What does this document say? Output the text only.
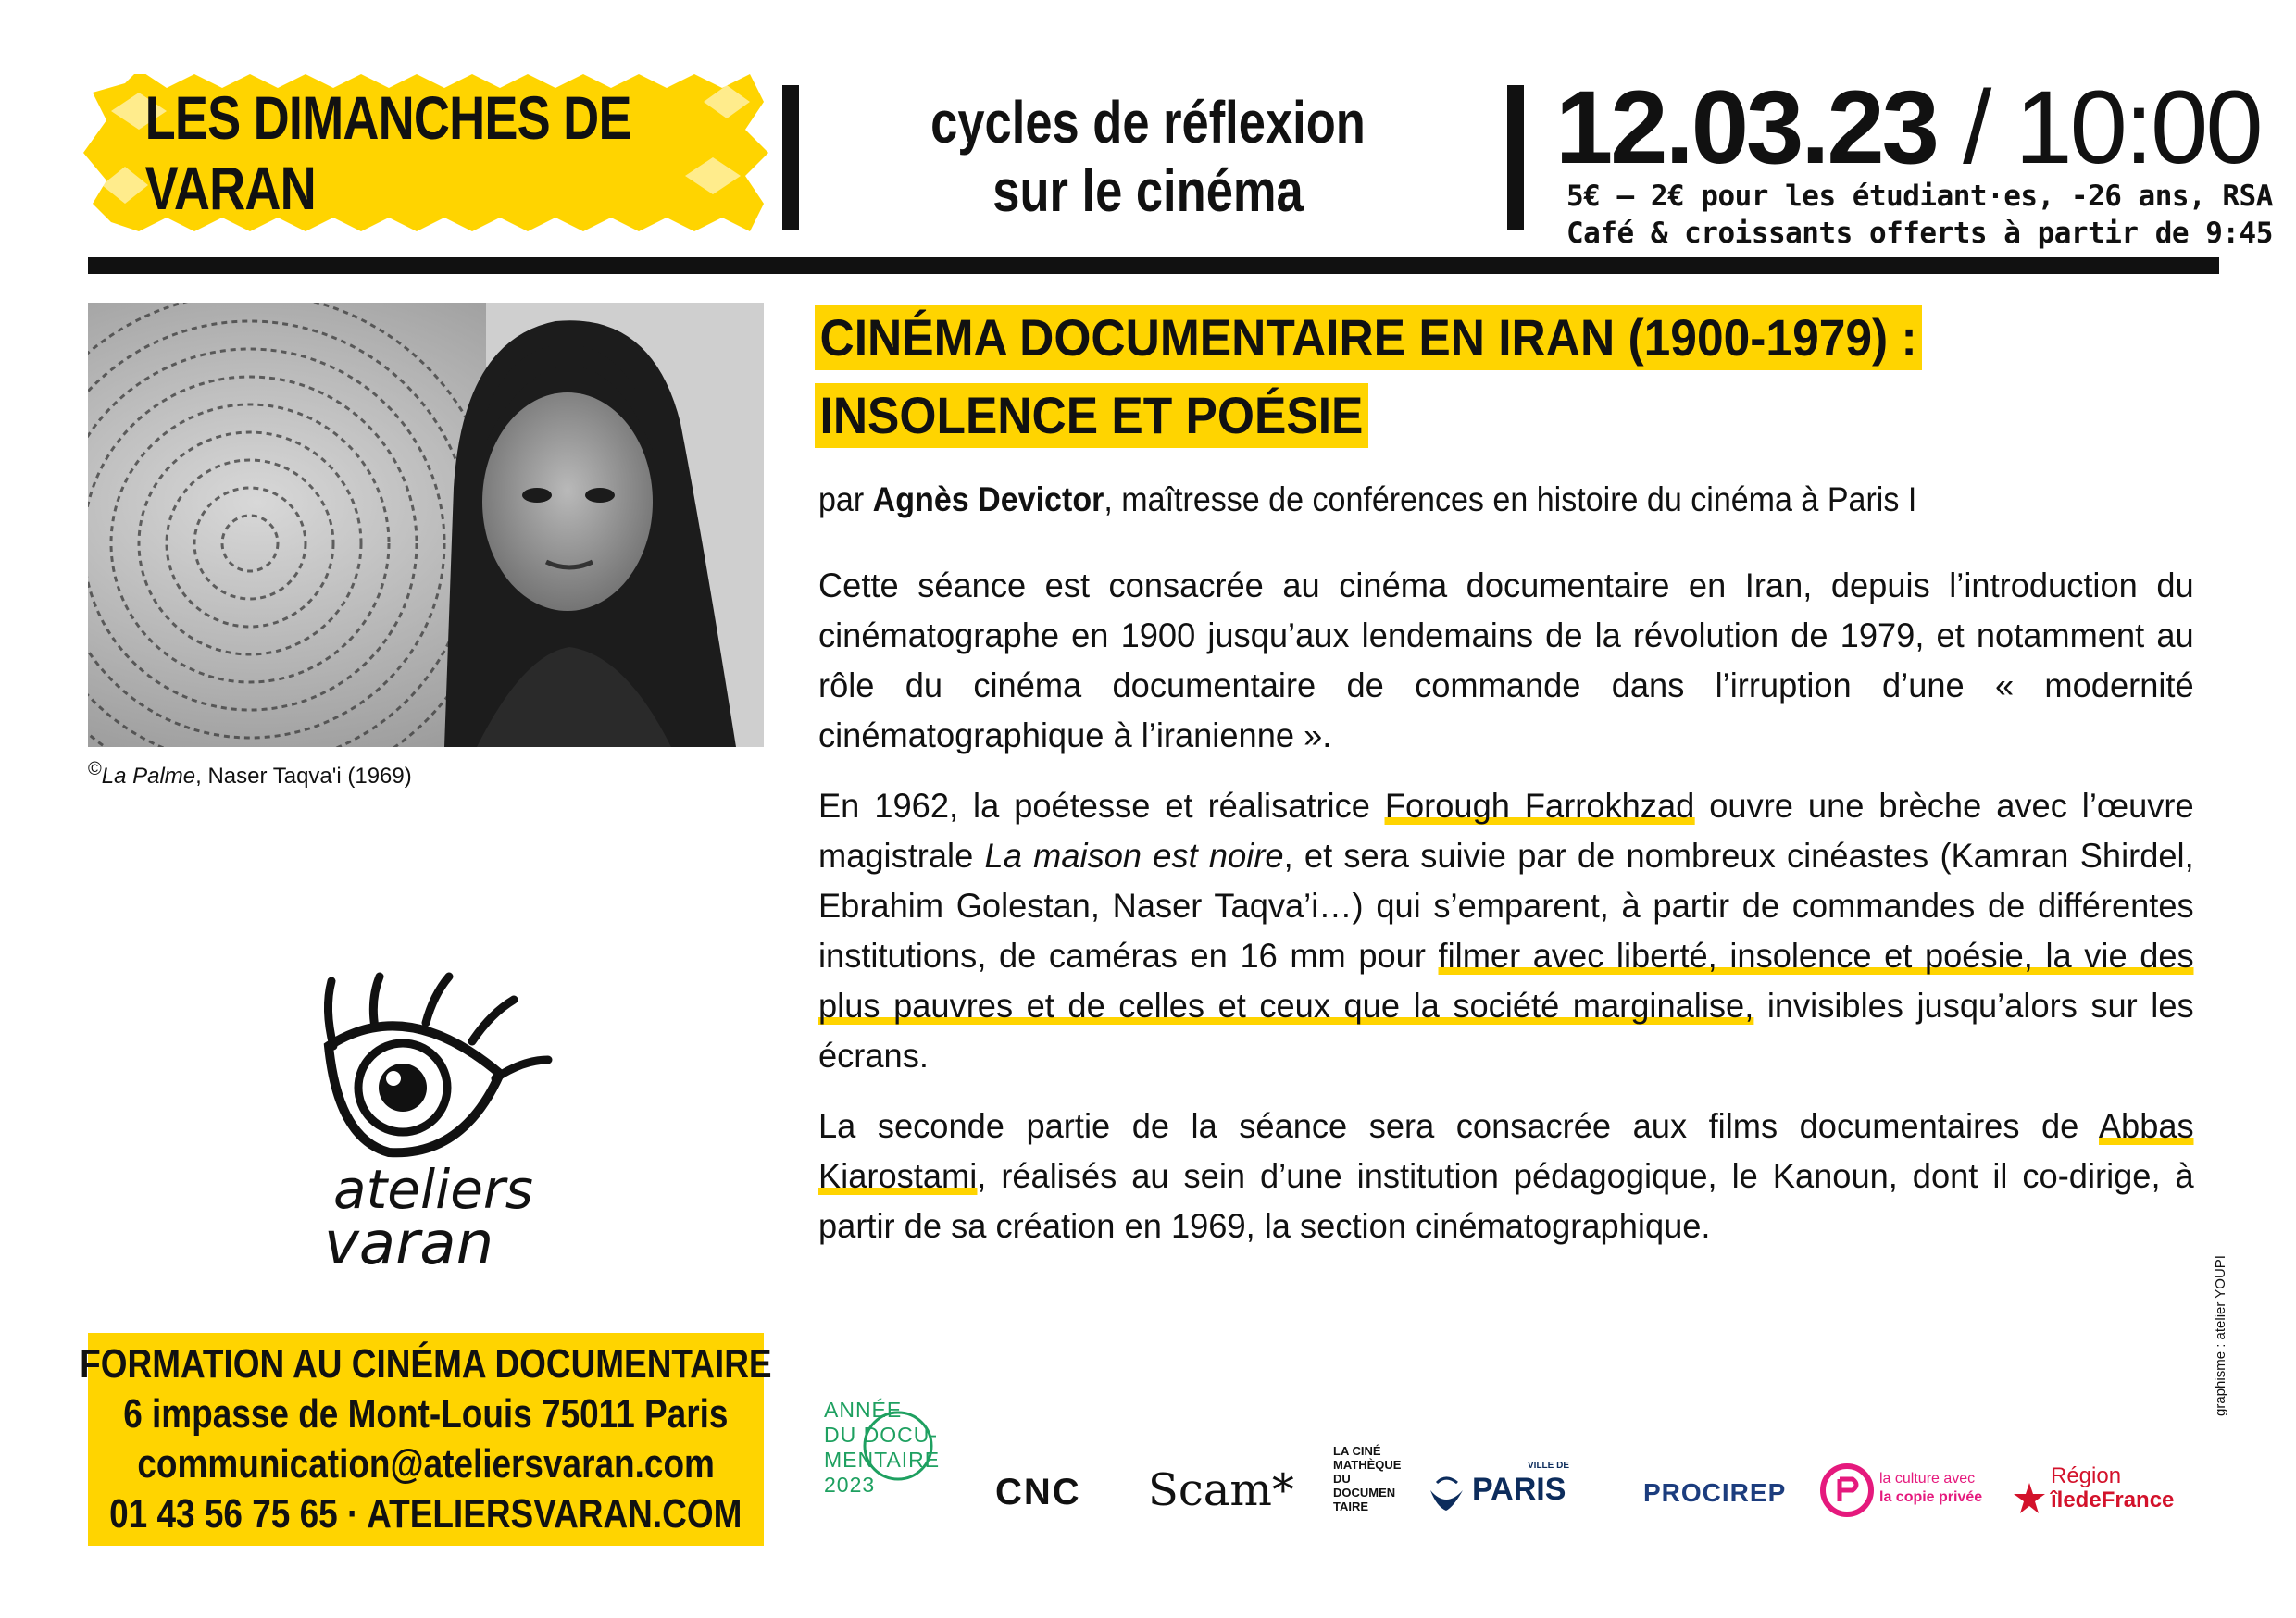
LES DIMANCHES DE VARAN
cycles de réflexion
sur le cinéma
12.03.23 / 10:00
5€ — 2€ pour les étudiant·es, -26 ans, RSA
Café & croissants offerts à partir de 9:45
©La Palme, Naser Taqva'i (1969)
ateliers
varan
FORMATION AU CINÉMA DOCUMENTAIRE
6 impasse de Mont-Louis 75011 Paris
communication@ateliersvaran.com
01 43 56 75 65 · ATELIERSVARAN.COM
CINÉMA DOCUMENTAIRE EN IRAN (1900-1979) :
INSOLENCE ET POÉSIE
par Agnès Devictor, maîtresse de conférences en histoire du cinéma à Paris I

Cette séance est consacrée au cinéma documentaire en Iran, depuis l’introduction du cinématographe en 1900 jusqu’aux lendemains de la révolution de 1979, et notamment au rôle du cinéma documentaire de commande dans l’irruption d’une « modernité cinématographique à l’iranienne ».

En 1962, la poétesse et réalisatrice Forough Farrokhzad ouvre une brèche avec l’œuvre magistrale La maison est noire, et sera suivie par de nombreux cinéastes (Kamran Shirdel, Ebrahim Golestan, Naser Taqva’i…) qui s’emparent, à partir de commandes de différentes institutions, de caméras en 16 mm pour filmer avec liberté, insolence et poésie, la vie des plus pauvres et de celles et ceux que la société marginalise, invisibles jusqu’alors sur les écrans.

La seconde partie de la séance sera consacrée aux films documentaires de Abbas Kiarostami, réalisés au sein d’une institution pédagogique, le Kanoun, dont il co-dirige, à partir de sa création en 1969, la section cinématographique.

ANNÉE
DU DOCU-
MENTAIRE
2023	CNC Scam*
LA CINÉ
MATHÈQUE
DU
DOCUMEN
TAIRE
VILLE DE
PARIS	PROCIREP	la culture avec
la copie privée
Région
îledeFrance
graphisme : atelier YOUPI
